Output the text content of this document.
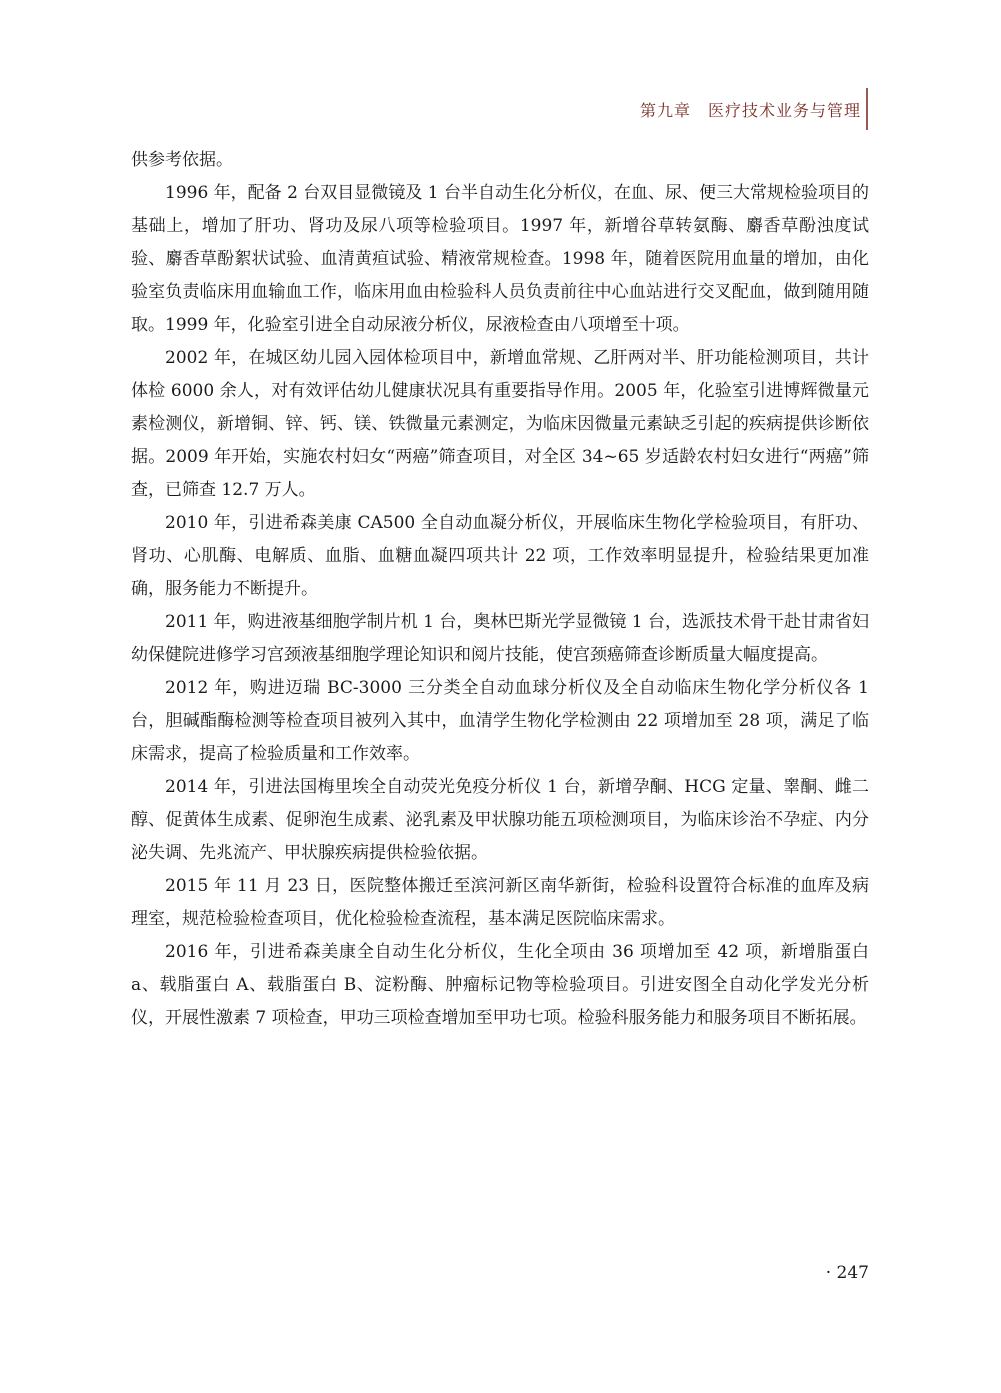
第九章　医疗技术业务与管理

供参考依据。

1996 年，配备 2 台双目显微镜及 1 台半自动生化分析仪，在血、尿、便三大常规检验项目的基础上，增加了肝功、肾功及尿八项等检验项目。1997 年，新增谷草转氨酶、麝香草酚浊度试验、麝香草酚絮状试验、血清黄疸试验、精液常规检查。1998 年，随着医院用血量的增加，由化验室负责临床用血输血工作，临床用血由检验科人员负责前往中心血站进行交叉配血，做到随用随取。1999 年，化验室引进全自动尿液分析仪，尿液检查由八项增至十项。

2002 年，在城区幼儿园入园体检项目中，新增血常规、乙肝两对半、肝功能检测项目，共计体检 6000 余人，对有效评估幼儿健康状况具有重要指导作用。2005 年，化验室引进博辉微量元素检测仪，新增铜、锌、钙、镁、铁微量元素测定，为临床因微量元素缺乏引起的疾病提供诊断依据。2009 年开始，实施农村妇女“两癌”筛查项目，对全区 34~65 岁适龄农村妇女进行“两癌”筛查，已筛查 12.7 万人。

2010 年，引进希森美康 CA500 全自动血凝分析仪，开展临床生物化学检验项目，有肝功、肾功、心肌酶、电解质、血脂、血糖血凝四项共计 22 项，工作效率明显提升，检验结果更加准确，服务能力不断提升。

2011 年，购进液基细胞学制片机 1 台，奥林巴斯光学显微镜 1 台，选派技术骨干赴甘肃省妇幼保健院进修学习宫颈液基细胞学理论知识和阅片技能，使宫颈癌筛查诊断质量大幅度提高。

2012 年，购进迈瑞 BC-3000 三分类全自动血球分析仪及全自动临床生物化学分析仪各 1 台，胆碱酯酶检测等检查项目被列入其中，血清学生物化学检测由 22 项增加至 28 项，满足了临床需求，提高了检验质量和工作效率。

2014 年，引进法国梅里埃全自动荧光免疫分析仪 1 台，新增孕酮、HCG 定量、睾酮、雌二醇、促黄体生成素、促卵泡生成素、泌乳素及甲状腺功能五项检测项目，为临床诊治不孕症、内分泌失调、先兆流产、甲状腺疾病提供检验依据。

2015 年 11 月 23 日，医院整体搬迁至滨河新区南华新街，检验科设置符合标准的血库及病理室，规范检验检查项目，优化检验检查流程，基本满足医院临床需求。

2016 年，引进希森美康全自动生化分析仪，生化全项由 36 项增加至 42 项，新增脂蛋白 a、载脂蛋白 A、载脂蛋白 B、淀粉酶、肿瘤标记物等检验项目。引进安图全自动化学发光分析仪，开展性激素 7 项检查，甲功三项检查增加至甲功七项。检验科服务能力和服务项目不断拓展。

· 247
